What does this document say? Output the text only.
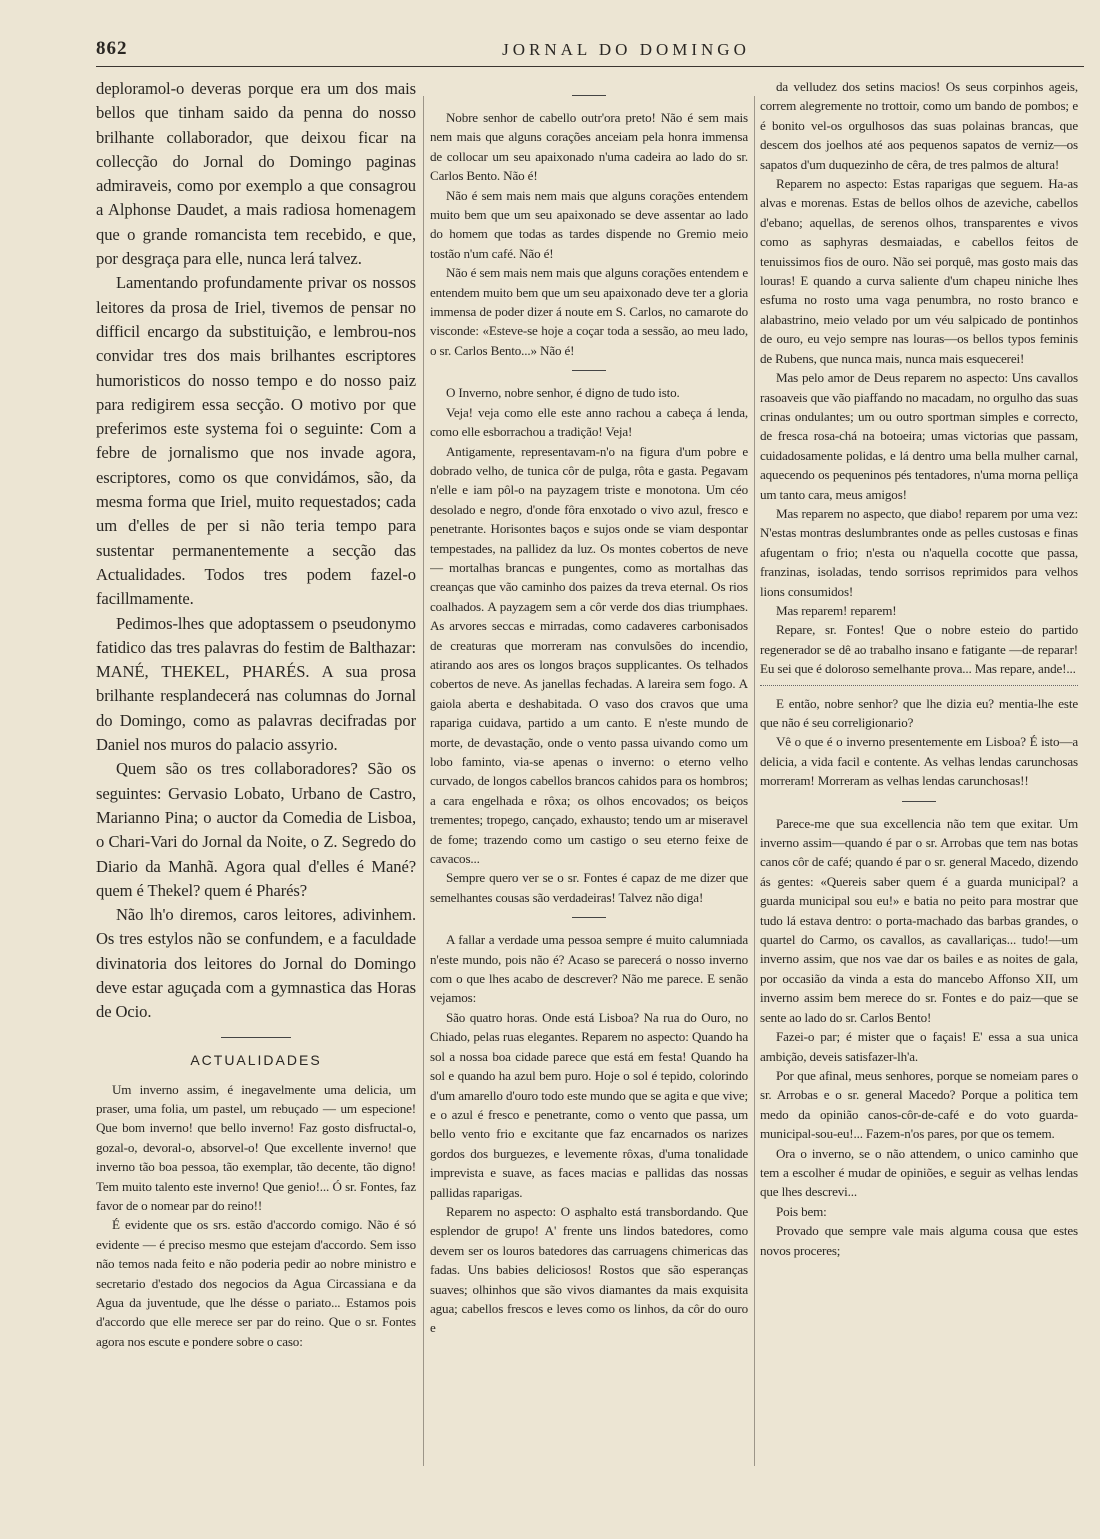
862	JORNAL DO DOMINGO

deploramol-o deveras porque era um dos mais bellos que tinham saido da penna do nosso brilhante collaborador, que deixou ficar na collecção do Jornal do Domingo paginas admiraveis, como por exemplo a que consagrou a Alphonse Daudet, a mais radiosa homenagem que o grande romancista tem recebido, e que, por desgraça para elle, nunca lerá talvez.

Lamentando profundamente privar os nossos leitores da prosa de Iriel, tivemos de pensar no difficil encargo da substituição, e lembrou-nos convidar tres dos mais brilhantes escriptores humoristicos do nosso tempo e do nosso paiz para redigirem essa secção. O motivo por que preferimos este systema foi o seguinte: Com a febre de jornalismo que nos invade agora, escriptores, como os que convidámos, são, da mesma forma que Iriel, muito requestados; cada um d'elles de per si não teria tempo para sustentar permanentemente a secção das Actualidades. Todos tres podem fazel-o facillmamente.

Pedimos-lhes que adoptassem o pseudonymo fatidico das tres palavras do festim de Balthazar: MANÉ, THEKEL, PHARÉS. A sua prosa brilhante resplandecerá nas columnas do Jornal do Domingo, como as palavras decifradas por Daniel nos muros do palacio assyrio.

Quem são os tres collaboradores? São os seguintes: Gervasio Lobato, Urbano de Castro, Marianno Pina; o auctor da Comedia de Lisboa, o Chari-Vari do Jornal da Noite, o Z. Segredo do Diario da Manhã. Agora qual d'elles é Mané? quem é Thekel? quem é Pharés?

Não lh'o diremos, caros leitores, adivinhem. Os tres estylos não se confundem, e a faculdade divinatoria dos leitores do Jornal do Domingo deve estar aguçada com a gymnastica das Horas de Ocio.

ACTUALIDADES

Um inverno assim, é inegavelmente uma delicia, um praser, uma folia, um pastel, um rebuçado — um especione! Que bom inverno! que bello inverno! Faz gosto disfructal-o, gozal-o, devoral-o, absorvel-o! Que excellente inverno! que inverno tão boa pessoa, tão exemplar, tão decente, tão digno! Tem muito talento este inverno! Que genio!... Ó sr. Fontes, faz favor de o nomear par do reino!!

É evidente que os srs. estão d'accordo comigo. Não é só evidente — é preciso mesmo que estejam d'accordo. Sem isso não temos nada feito e não poderia pedir ao nobre ministro e secretario d'estado dos negocios da Agua Circassiana e da Agua da juventude, que lhe désse o pariato... Estamos pois d'accordo que elle merece ser par do reino. Que o sr. Fontes agora nos escute e pondere sobre o caso:

Nobre senhor de cabello outr'ora preto! Não é sem mais nem mais que alguns corações anceiam pela honra immensa de collocar um seu apaixonado n'uma cadeira ao lado do sr. Carlos Bento. Não é!

Não é sem mais nem mais que alguns corações entendem muito bem que um seu apaixonado se deve assentar ao lado do homem que todas as tardes dispende no Gremio meio tostão n'um café. Não é!

Não é sem mais nem mais que alguns corações entendem e entendem muito bem que um seu apaixonado deve ter a gloria immensa de poder dizer á noute em S. Carlos, no camarote do visconde: «Esteve-se hoje a coçar toda a sessão, ao meu lado, o sr. Carlos Bento...» Não é!

O Inverno, nobre senhor, é digno de tudo isto.

Veja! veja como elle este anno rachou a cabeça á lenda, como elle esborrachou a tradição! Veja!

Antigamente, representavam-n'o na figura d'um pobre e dobrado velho, de tunica côr de pulga, rôta e gasta. Pegavam n'elle e iam pôl-o na payzagem triste e monotona. Um céo desolado e negro, d'onde fôra enxotado o vivo azul, fresco e penetrante. Horisontes baços e sujos onde se viam despontar tempestades, na pallidez da luz. Os montes cobertos de neve — mortalhas brancas e pungentes, como as mortalhas das creanças que vão caminho dos paizes da treva eternal. Os rios coalhados. A payzagem sem a côr verde dos dias triumphaes. As arvores seccas e mirradas, como cadaveres carbonisados de creaturas que morreram nas convulsões do incendio, atirando aos ares os longos braços supplicantes. Os telhados cobertos de neve. As janellas fechadas. A lareira sem fogo. A gaiola aberta e deshabitada. O vaso dos cravos que uma rapariga cuidava, partido a um canto. E n'este mundo de morte, de devastação, onde o vento passa uivando como um lobo faminto, via-se apenas o inverno: o eterno velho curvado, de longos cabellos brancos cahidos para os hombros; a cara engelhada e rôxa; os olhos encovados; os beiços trementes; tropego, cançado, exhausto; tendo um ar miseravel de fome; trazendo como um castigo o seu eterno feixe de cavacos...

Sempre quero ver se o sr. Fontes é capaz de me dizer que semelhantes cousas são verdadeiras! Talvez não diga!

A fallar a verdade uma pessoa sempre é muito calumniada n'este mundo, pois não é? Acaso se parecerá o nosso inverno com o que lhes acabo de descrever? Não me parece. E senão vejamos:

São quatro horas. Onde está Lisboa? Na rua do Ouro, no Chiado, pelas ruas elegantes. Reparem no aspecto: Quando ha sol a nossa boa cidade parece que está em festa! Quando ha sol e quando ha azul bem puro. Hoje o sol é tepido, colorindo d'um amarello d'ouro todo este mundo que se agita e que vive; e o azul é fresco e penetrante, como o vento que passa, um bello vento frio e excitante que faz encarnados os narizes gordos dos burguezes, e levemente rôxas, d'uma tonalidade imprevista e suave, as faces macias e pallidas das nossas pallidas raparigas.

Reparem no aspecto: O asphalto está transbordando. Que esplendor de grupo! A' frente uns lindos batedores, como devem ser os louros batedores das carruagens chimericas das fadas. Uns babies deliciosos! Rostos que são esperanças suaves; olhinhos que são vivos diamantes da mais exquisita agua; cabellos frescos e leves como os linhos, da côr do ouro e

da velludez dos setins macios! Os seus corpinhos ageis, correm alegremente no trottoir, como um bando de pombos; e é bonito vel-os orgulhosos das suas polainas brancas, que descem dos joelhos até aos pequenos sapatos de verniz—os sapatos d'um duquezinho de cêra, de tres palmos de altura!

Reparem no aspecto: Estas raparigas que seguem. Ha-as alvas e morenas. Estas de bellos olhos de azeviche, cabellos d'ebano; aquellas, de serenos olhos, transparentes e vivos como as saphyras desmaiadas, e cabellos feitos de tenuissimos fios de ouro. Não sei porquê, mas gosto mais das louras! E quando a curva saliente d'um chapeu niniche lhes esfuma no rosto uma vaga penumbra, no rosto branco e alabastrino, meio velado por um véu salpicado de pontinhos de ouro, eu vejo sempre nas louras—os bellos typos feminis de Rubens, que nunca mais, nunca mais esquecerei!

Mas pelo amor de Deus reparem no aspecto: Uns cavallos rasoaveis que vão piaffando no macadam, no orgulho das suas crinas ondulantes; um ou outro sportman simples e correcto, de fresca rosa-chá na botoeira; umas victorias que passam, cuidadosamente polidas, e lá dentro uma bella mulher carnal, aquecendo os pequeninos pés tentadores, n'uma morna pelliça um tanto cara, meus amigos!

Mas reparem no aspecto, que diabo! reparem por uma vez: N'estas montras deslumbrantes onde as pelles custosas e finas afugentam o frio; n'esta ou n'aquella cocotte que passa, franzinas, isoladas, tendo sorrisos reprimidos para velhos lions consumidos!

Mas reparem! reparem!

Repare, sr. Fontes! Que o nobre esteio do partido regenerador se dê ao trabalho insano e fatigante —de reparar! Eu sei que é doloroso semelhante prova... Mas repare, ande!...

E então, nobre senhor? que lhe dizia eu? mentia-lhe este que não é seu correligionario?

Vê o que é o inverno presentemente em Lisboa? É isto—a delicia, a vida facil e contente. As velhas lendas carunchosas morreram! Morreram as velhas lendas carunchosas!!

Parece-me que sua excellencia não tem que exitar. Um inverno assim—quando é par o sr. Arrobas que tem nas botas canos côr de café; quando é par o sr. general Macedo, dizendo ás gentes: «Quereis saber quem é a guarda municipal? a guarda municipal sou eu!» e batia no peito para mostrar que tudo lá estava dentro: o porta-machado das barbas grandes, o quartel do Carmo, os cavallos, as cavallariças... tudo!—um inverno assim, que nos vae dar os bailes e as noites de gala, por occasião da vinda a esta do mancebo Affonso XII, um inverno assim bem merece do sr. Fontes e do paiz—que se sente ao lado do sr. Carlos Bento!

Fazei-o par; é mister que o façais! E' essa a sua unica ambição, deveis satisfazer-lh'a.

Por que afinal, meus senhores, porque se nomeiam pares o sr. Arrobas e o sr. general Macedo? Porque a politica tem medo da opinião canos-côr-de-café e do voto guarda-municipal-sou-eu!... Fazem-n'os pares, por que os temem.

Ora o inverno, se o não attendem, o unico caminho que tem a escolher é mudar de opiniões, e seguir as velhas lendas que lhes descrevi...

Pois bem:

Provado que sempre vale mais alguma cousa que estes novos proceres;
